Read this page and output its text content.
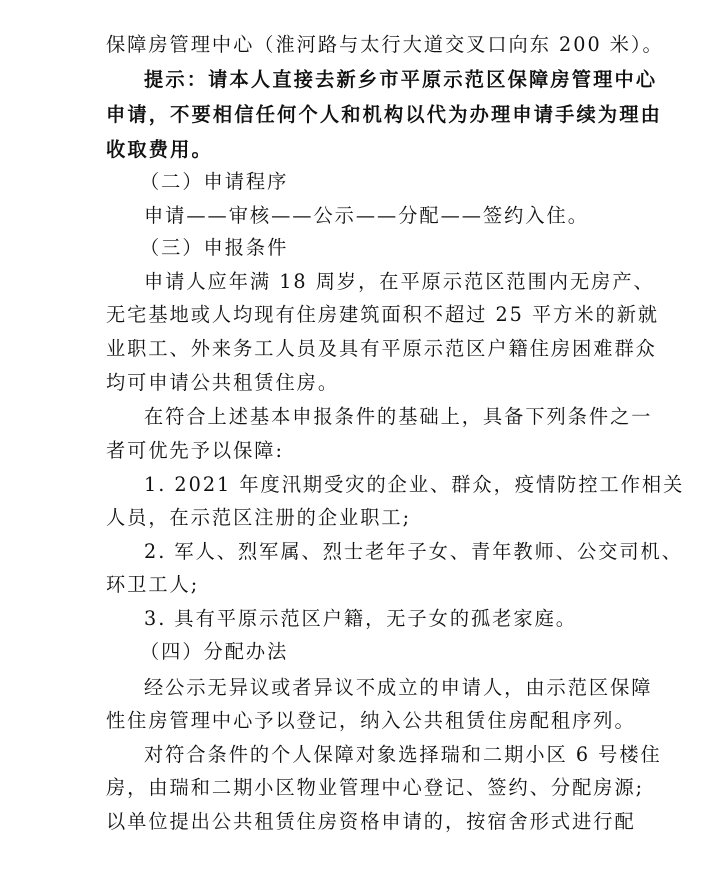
保障房管理中心（淮河路与太行大道交叉口向东 200 米）。
提示：请本人直接去新乡市平原示范区保障房管理中心
申请，不要相信任何个人和机构以代为办理申请手续为理由
收取费用。
（二）申请程序
申请——审核——公示——分配——签约入住。
（三）申报条件
申请人应年满 18 周岁，在平原示范区范围内无房产、
无宅基地或人均现有住房建筑面积不超过 25 平方米的新就
业职工、外来务工人员及具有平原示范区户籍住房困难群众
均可申请公共租赁住房。
在符合上述基本申报条件的基础上，具备下列条件之一
者可优先予以保障:
1. 2021 年度汛期受灾的企业、群众，疫情防控工作相关
人员，在示范区注册的企业职工;
2. 军人、烈军属、烈士老年子女、青年教师、公交司机、
环卫工人;
3. 具有平原示范区户籍，无子女的孤老家庭。
（四）分配办法
经公示无异议或者异议不成立的申请人，由示范区保障
性住房管理中心予以登记，纳入公共租赁住房配租序列。
对符合条件的个人保障对象选择瑞和二期小区 6 号楼住
房，由瑞和二期小区物业管理中心登记、签约、分配房源;
以单位提出公共租赁住房资格申请的，按宿舍形式进行配
